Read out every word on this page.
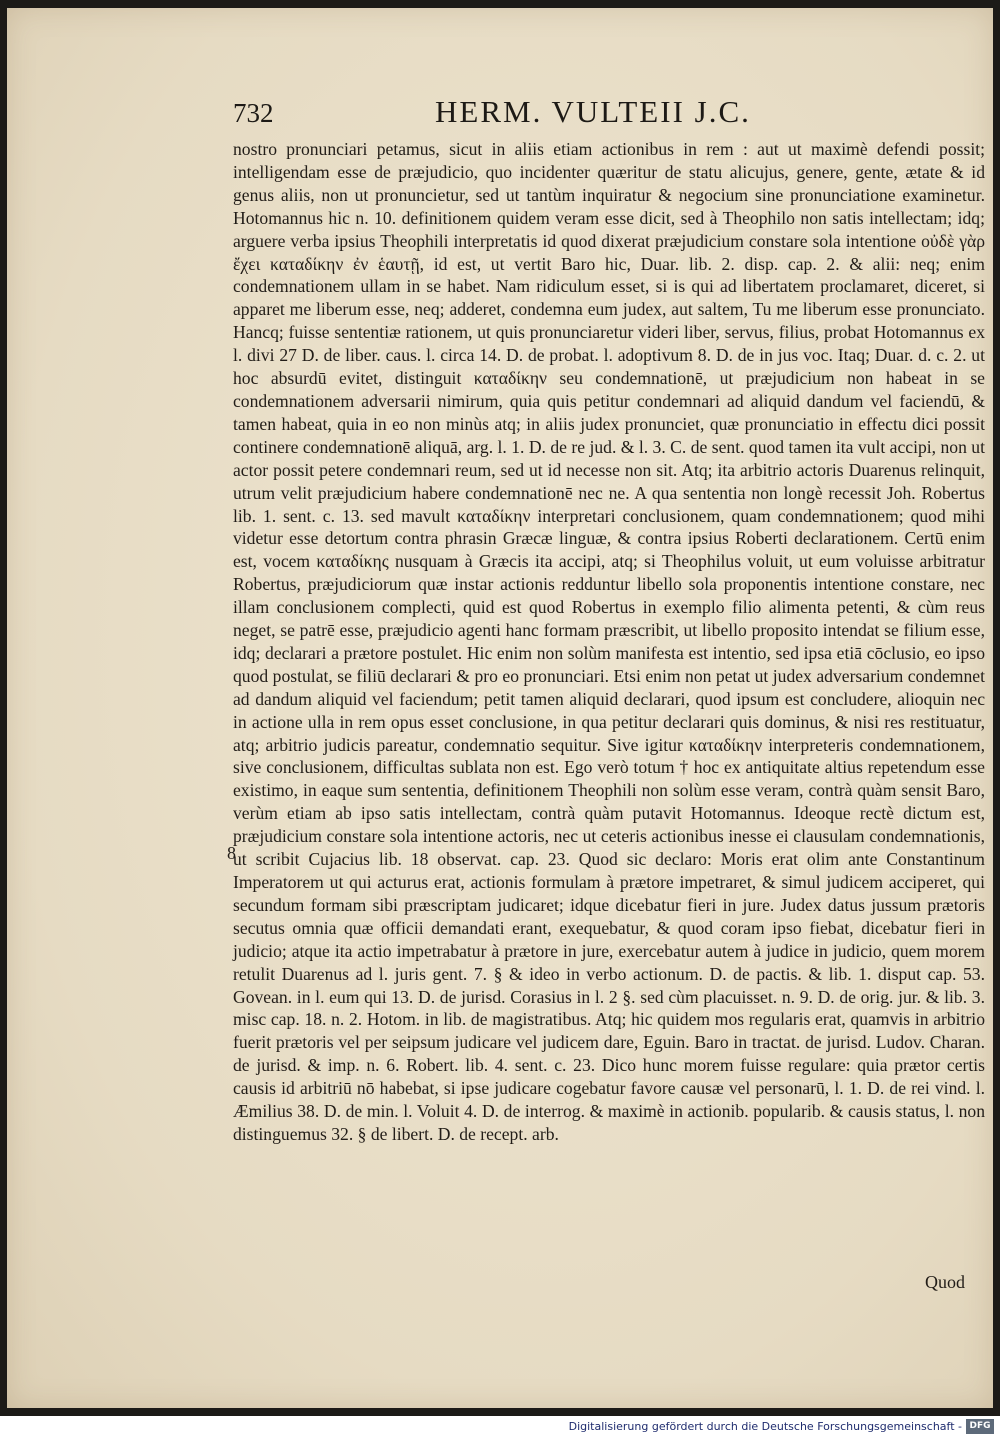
732	HERM. VULTEII J.C.

nostro pronunciari petamus, sicut in aliis etiam actionibus in rem : aut ut maximè defendi possit; intelligendam esse de præjudicio, quo incidenter quæritur de statu alicujus, genere, gente, ætate & id genus aliis, non ut pronuncietur, sed ut tantùm inquiratur & negocium sine pronunciatione examinetur. Hotomannus hic n. 10. definitionem quidem veram esse dicit, sed à Theophilo non satis intellectam; idq; arguere verba ipsius Theophili interpretatis id quod dixerat præjudicium constare sola intentione οὐδὲ γὰρ ἔχει καταδίκην ἐν ἑαυτῇ, id est, ut vertit Baro hic, Duar. lib. 2. disp. cap. 2. & alii: neq; enim condemnationem ullam in se habet. Nam ridiculum esset, si is qui ad libertatem proclamaret, diceret, si apparet me liberum esse, neq; adderet, condemna eum judex, aut saltem, Tu me liberum esse pronunciato. Hancq; fuisse sententiæ rationem, ut quis pronunciaretur videri liber, servus, filius, probat Hotomannus ex l. divi 27 D. de liber. caus. l. circa 14. D. de probat. l. adoptivum 8. D. de in jus voc. Itaq; Duar. d. c. 2. ut hoc absurdū evitet, distinguit καταδίκην seu condemnationē, ut præjudicium non habeat in se condemnationem adversarii nimirum, quia quis petitur condemnari ad aliquid dandum vel faciendū, & tamen habeat, quia in eo non minùs atq; in aliis judex pronunciet, quæ pronunciatio in effectu dici possit continere condemnationē aliquā, arg. l. 1. D. de re jud. & l. 3. C. de sent. quod tamen ita vult accipi, non ut actor possit petere condemnari reum, sed ut id necesse non sit. Atq; ita arbitrio actoris Duarenus relinquit, utrum velit præjudicium habere condemnationē nec ne. A qua sententia non longè recessit Joh. Robertus lib. 1. sent. c. 13. sed mavult καταδίκην interpretari conclusionem, quam condemnationem; quod mihi videtur esse detortum contra phrasin Græcæ linguæ, & contra ipsius Roberti declarationem. Certū enim est, vocem καταδίκης nusquam à Græcis ita accipi, atq; si Theophilus voluit, ut eum voluisse arbitratur Robertus, præjudiciorum quæ instar actionis redduntur libello sola proponentis intentione constare, nec illam conclusionem complecti, quid est quod Robertus in exemplo filio alimenta petenti, & cùm reus neget, se patrē esse, præjudicio agenti hanc formam præscribit, ut libello proposito intendat se filium esse, idq; declarari a prætore postulet. Hic enim non solùm manifesta est intentio, sed ipsa etiā cōclusio, eo ipso quod postulat, se filiū declarari & pro eo pronunciari. Etsi enim non petat ut judex adversarium condemnet ad dandum aliquid vel faciendum; petit tamen aliquid declarari, quod ipsum est concludere, alioquin nec in actione ulla in rem opus esset conclusione, in qua petitur declarari quis dominus, & nisi res restituatur, atq; arbitrio judicis pareatur, condemnatio sequitur. Sive igitur καταδίκην interpreteris condemnationem, sive conclusionem, difficultas sublata non est. Ego verò totum † hoc ex antiquitate altius repetendum esse existimo, in eaque sum sententia, definitionem Theophili non solùm esse veram, contrà quàm sensit Baro, verùm etiam ab ipso satis intellectam, contrà quàm putavit Hotomannus. Ideoque rectè dictum est, præjudicium constare sola intentione actoris, nec ut ceteris actionibus inesse ei clausulam condemnationis, ut scribit Cujacius lib. 18 observat. cap. 23. Quod sic declaro: Moris erat olim ante Constantinum Imperatorem ut qui acturus erat, actionis formulam à prætore impetraret, & simul judicem acciperet, qui secundum formam sibi præscriptam judicaret; idque dicebatur fieri in jure. Judex datus jussum prætoris secutus omnia quæ officii demandati erant, exequebatur, & quod coram ipso fiebat, dicebatur fieri in judicio; atque ita actio impetrabatur à prætore in jure, exercebatur autem à judice in judicio, quem morem retulit Duarenus ad l. juris gent. 7. § & ideo in verbo actionum. D. de pactis. & lib. 1. disput cap. 53. Govean. in l. eum qui 13. D. de jurisd. Corasius in l. 2 §. sed cùm placuisset. n. 9. D. de orig. jur. & lib. 3. misc cap. 18. n. 2. Hotom. in lib. de magistratibus. Atq; hic quidem mos regularis erat, quamvis in arbitrio fuerit prætoris vel per seipsum judicare vel judicem dare, Eguin. Baro in tractat. de jurisd. Ludov. Charan. de jurisd. & imp. n. 6. Robert. lib. 4. sent. c. 23. Dico hunc morem fuisse regulare: quia prætor certis causis id arbitriū nō habebat, si ipse judicare cogebatur favore causæ vel personarū, l. 1. D. de rei vind. l. Æmilius 38. D. de min. l. Voluit 4. D. de interrog. & maximè in actionib. popularib. & causis status, l. non distinguemus 32. § de libert. D. de recept. arb.

8
Quod
Digitalisierung gefördert durch die Deutsche Forschungsgemeinschaft - DFG
